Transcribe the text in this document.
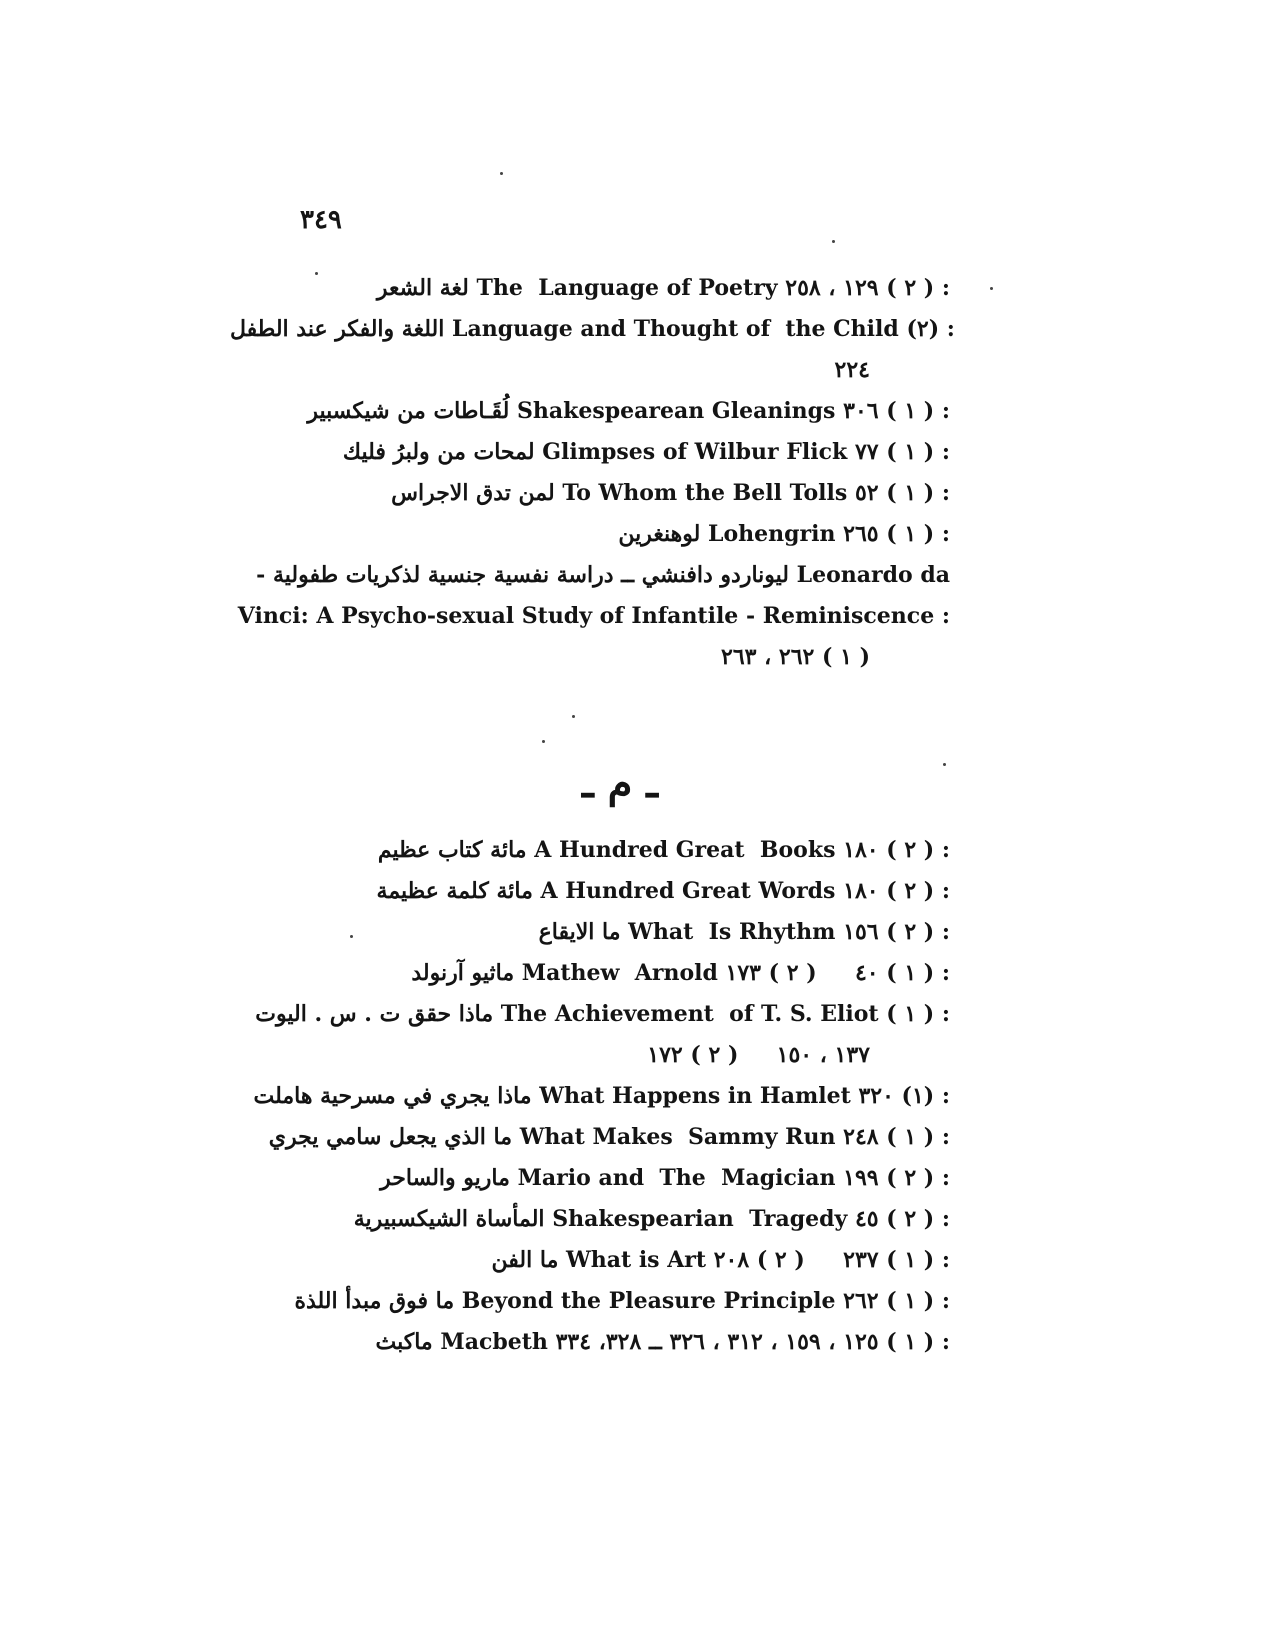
٣٤٩
لغة الشعر The  Language of Poetry : ( ٢ ) ١٢٩ ، ٢٥٨
اللغة والفكر عند الطفل Language and Thought of  the Child : (٢)
٢٢٤
لُقَـاطات من شيكسبير Shakespearean Gleanings : ( ١ ) ٣٠٦
لمحات من ولبرُ فليك Glimpses of Wilbur Flick : ( ١ ) ٧٧
لمن تدق الاجراس To Whom the Bell Tolls : ( ١ ) ٥٢
لوهنغرين Lohengrin : ( ١ ) ٢٦٥
ليوناردو دافنشي ــ دراسة نفسية جنسية لذكريات طفولية - Leonardo da
Vinci: A Psycho-sexual Study of Infantile - Reminiscence :
( ١ ) ٢٦٢ ، ٢٦٣
ـ م ـ
مائة كتاب عظيم A Hundred Great  Books : ( ٢ ) ١٨٠
مائة كلمة عظيمة A Hundred Great Words : ( ٢ ) ١٨٠
ما الايقاع What  Is Rhythm : ( ٢ ) ١٥٦
ماثيو آرنولد Mathew  Arnold : ( ١ ) ٤٠     ( ٢ ) ١٧٣
ماذا حقق ت . س . اليوت The Achievement  of T. S. Eliot : ( ١ )
١٣٧ ، ١٥٠     ( ٢ ) ١٧٢
ماذا يجري في مسرحية هاملت What Happens in Hamlet : (١) ٣٢٠
ما الذي يجعل سامي يجري What Makes  Sammy Run : ( ١ ) ٢٤٨
ماريو والساحر Mario and  The  Magician : ( ٢ ) ١٩٩
المأساة الشيكسبيرية Shakespearian  Tragedy : ( ٢ ) ٤٥
ما الفن What is Art : ( ١ ) ٢٣٧     ( ٢ ) ٢٠٨
ما فوق مبدأ اللذة Beyond the Pleasure Principle : ( ١ ) ٢٦٢
ماكبث Macbeth : ( ١ ) ١٢٥ ، ١٥٩ ، ٣١٢ ، ٣٢٦ ــ ٣٢٨، ٣٣٤
